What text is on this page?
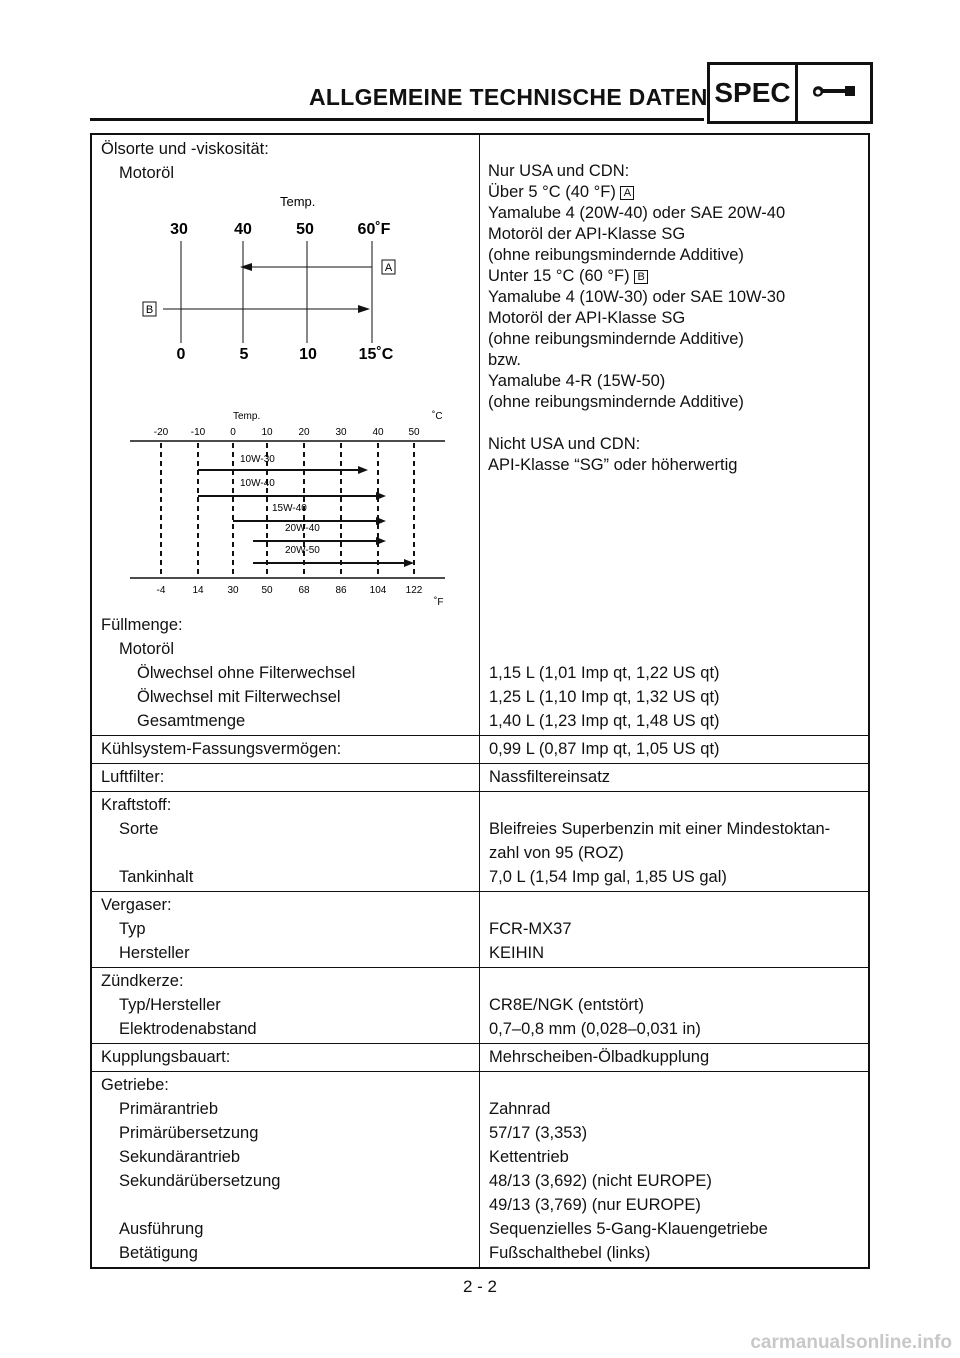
ALLGEMEINE TECHNISCHE DATEN SPEC
Ölsorte und -viskosität:
Motoröl
Temp.
30	40	50	60˚F
0	5	10	15˚C
A
B
Temp.	˚C
-20 -10 0	10	20	30	40 50
-4	14 30 50	68	86 104 122
10W-30
10W-40
15W-40
20W-40
20W-50
˚F
Nur USA und CDN:
Über 5 °C (40 °F) A
Yamalube 4 (20W-40) oder SAE 20W-40
Motoröl der API-Klasse SG
(ohne reibungsmindernde Additive)
Unter 15 °C (60 °F) B
Yamalube 4 (10W-30) oder SAE 10W-30
Motoröl der API-Klasse SG
(ohne reibungsmindernde Additive)
bzw.
Yamalube 4-R (15W-50)
(ohne reibungsmindernde Additive)
Nicht USA und CDN:
API-Klasse “SG” oder höherwertig
Füllmenge:
Motoröl
Ölwechsel ohne Filterwechsel	1,15 L (1,01 Imp qt, 1,22 US qt)
Ölwechsel mit Filterwechsel	1,25 L (1,10 Imp qt, 1,32 US qt)
Gesamtmenge	1,40 L (1,23 Imp qt, 1,48 US qt)
Kühlsystem-Fassungsvermögen:	0,99 L (0,87 Imp qt, 1,05 US qt)
Luftfilter:	Nassfiltereinsatz
Kraftstoff:
Sorte	Bleifreies Superbenzin mit einer Mindestoktan-
zahl von 95 (ROZ)
Tankinhalt	7,0 L (1,54 Imp gal, 1,85 US gal)
Vergaser:
Typ	FCR-MX37
Hersteller	KEIHIN
Zündkerze:
Typ/Hersteller	CR8E/NGK (entstört)
Elektrodenabstand	0,7–0,8 mm (0,028–0,031 in)
Kupplungsbauart:	Mehrscheiben-Ölbadkupplung
Getriebe:
Primärantrieb	Zahnrad
Primärübersetzung	57/17 (3,353)
Sekundärantrieb	Kettentrieb
Sekundärübersetzung	48/13 (3,692) (nicht EUROPE)
49/13 (3,769) (nur EUROPE)
Ausführung	Sequenzielles 5-Gang-Klauengetriebe
Betätigung	Fußschalthebel (links)
2 - 2
carmanualsonline.info
